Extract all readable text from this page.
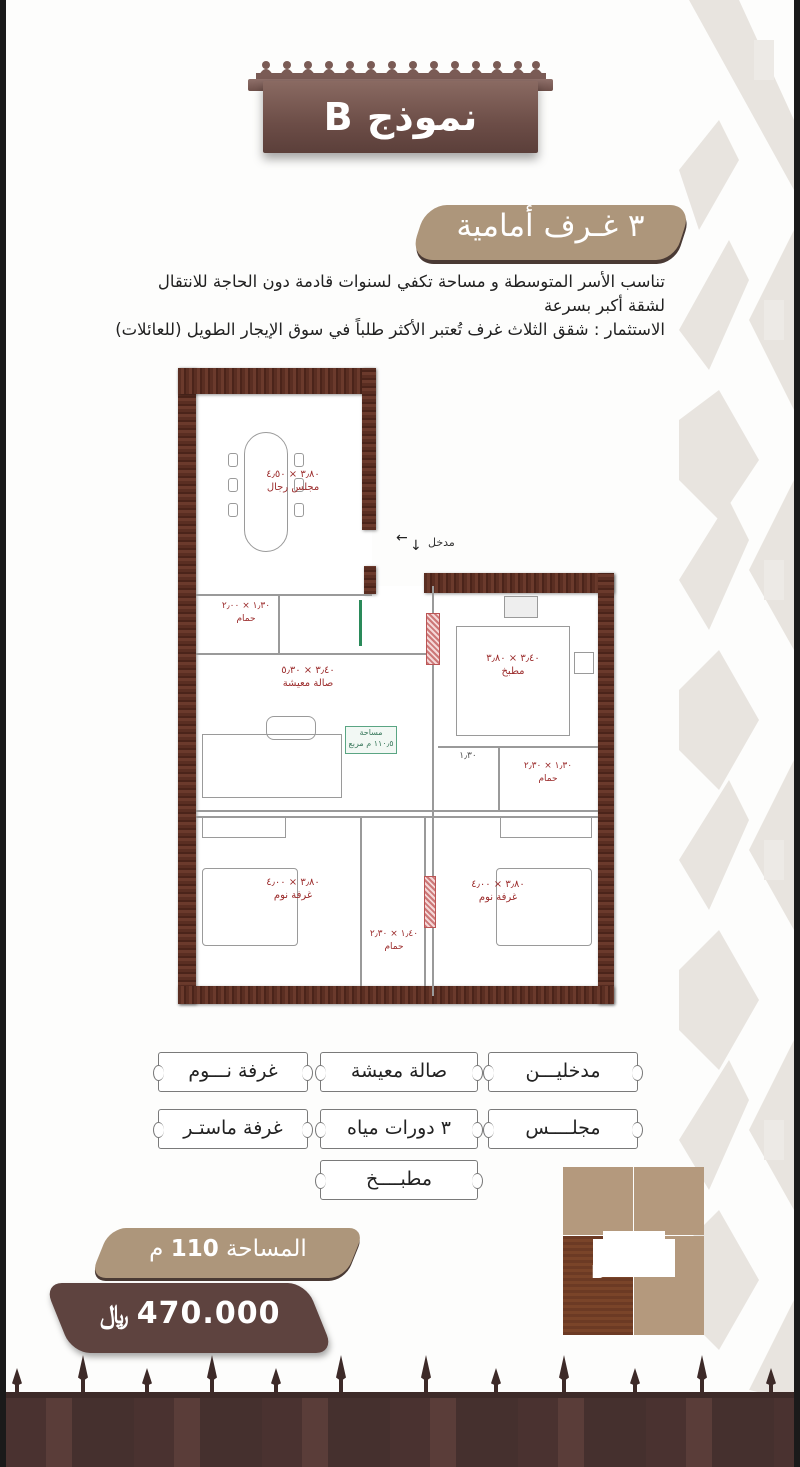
نموذج B
٣ غـرف أمامية
تناسب الأسر المتوسطة و مساحة تكفي لسنوات قادمة دون الحاجة للانتقال
لشقة أكبر بسرعة
الاستثمار : شقق الثلاث غرف تُعتبر الأكثر طلباً في سوق الإيجار الطويل (للعائلات)
٣٫٨٠ × ٤٫٥٠
مجلس رجال
١٫٣٠ × ٢٫٠٠
حمام
٣٫٤٠ × ٣٫٨٠
مطبخ
٣٫٤٠ × ٥٫٣٠
صالة معيشة
١٫٣٠ × ٢٫٣٠
حمام
٣٫٨٠ × ٤٫٠٠
غرفة نوم
٣٫٨٠ × ٤٫٠٠
غرفة نوم
١٫٤٠ × ٢٫٣٠
حمام
١٫٣٠
مساحة
١١٠٫٥ م مربع
مدخل
← ↓
مدخليـــن
صالة معيشة
غرفة نـــوم
مجلــــس
٣ دورات مياه
غرفة ماستـر
مطبــــخ
المساحة 110 م
﷼ 470.000
B
